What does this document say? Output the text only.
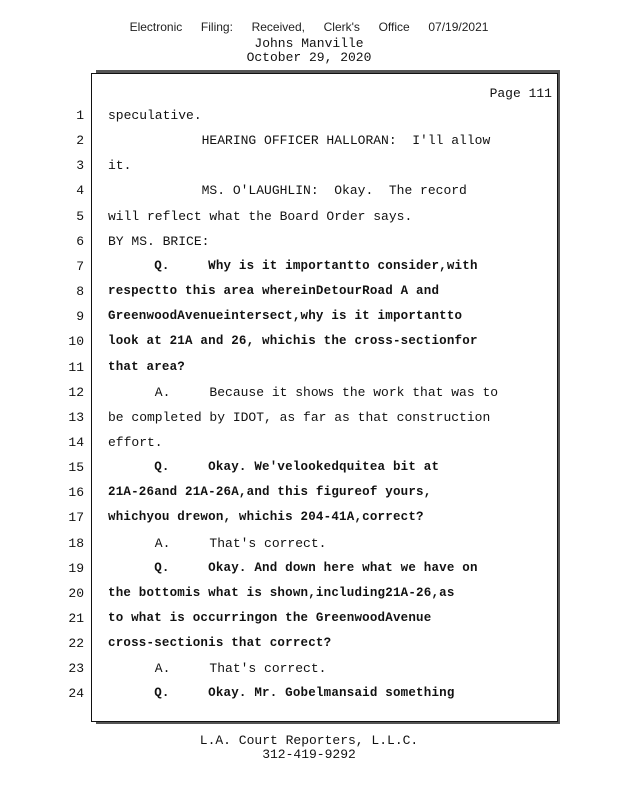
Electronic  Filing:  Received,  Clerk's  Office  07/19/2021
Johns Manville
October 29, 2020
Page 111
1 speculative.
2 HEARING OFFICER HALLORAN:  I'll allow
3 it.
4 MS. O'LAUGHLIN:  Okay.  The record
5 will reflect what the Board Order says.
6 BY MS. BRICE:
7 Q.     Why is it importantto consider,with
8 respectto this area whereinDetourRoad A and
9 GreenwoodAvenueintersect,why is it importantto
10 look at 21A and 26, whichis the cross-sectionfor
11 that area?
12 A.     Because it shows the work that was to
13 be completed by IDOT, as far as that construction
14 effort.
15 Q.     Okay. We'velookedquitea bit at
16 21A-26and 21A-26A,and this figureof yours,
17 whichyou drewon, whichis 204-41A,correct?
18 A.     That's correct.
19 Q.     Okay. And down here what we have on
20 the bottomis what is shown,including21A-26,as
21 to what is occurringon the GreenwoodAvenue
22 cross-sectionis that correct?
23 A.     That's correct.
24 Q.     Okay. Mr. Gobelmansaid something
L.A. Court Reporters, L.L.C.
312-419-9292
